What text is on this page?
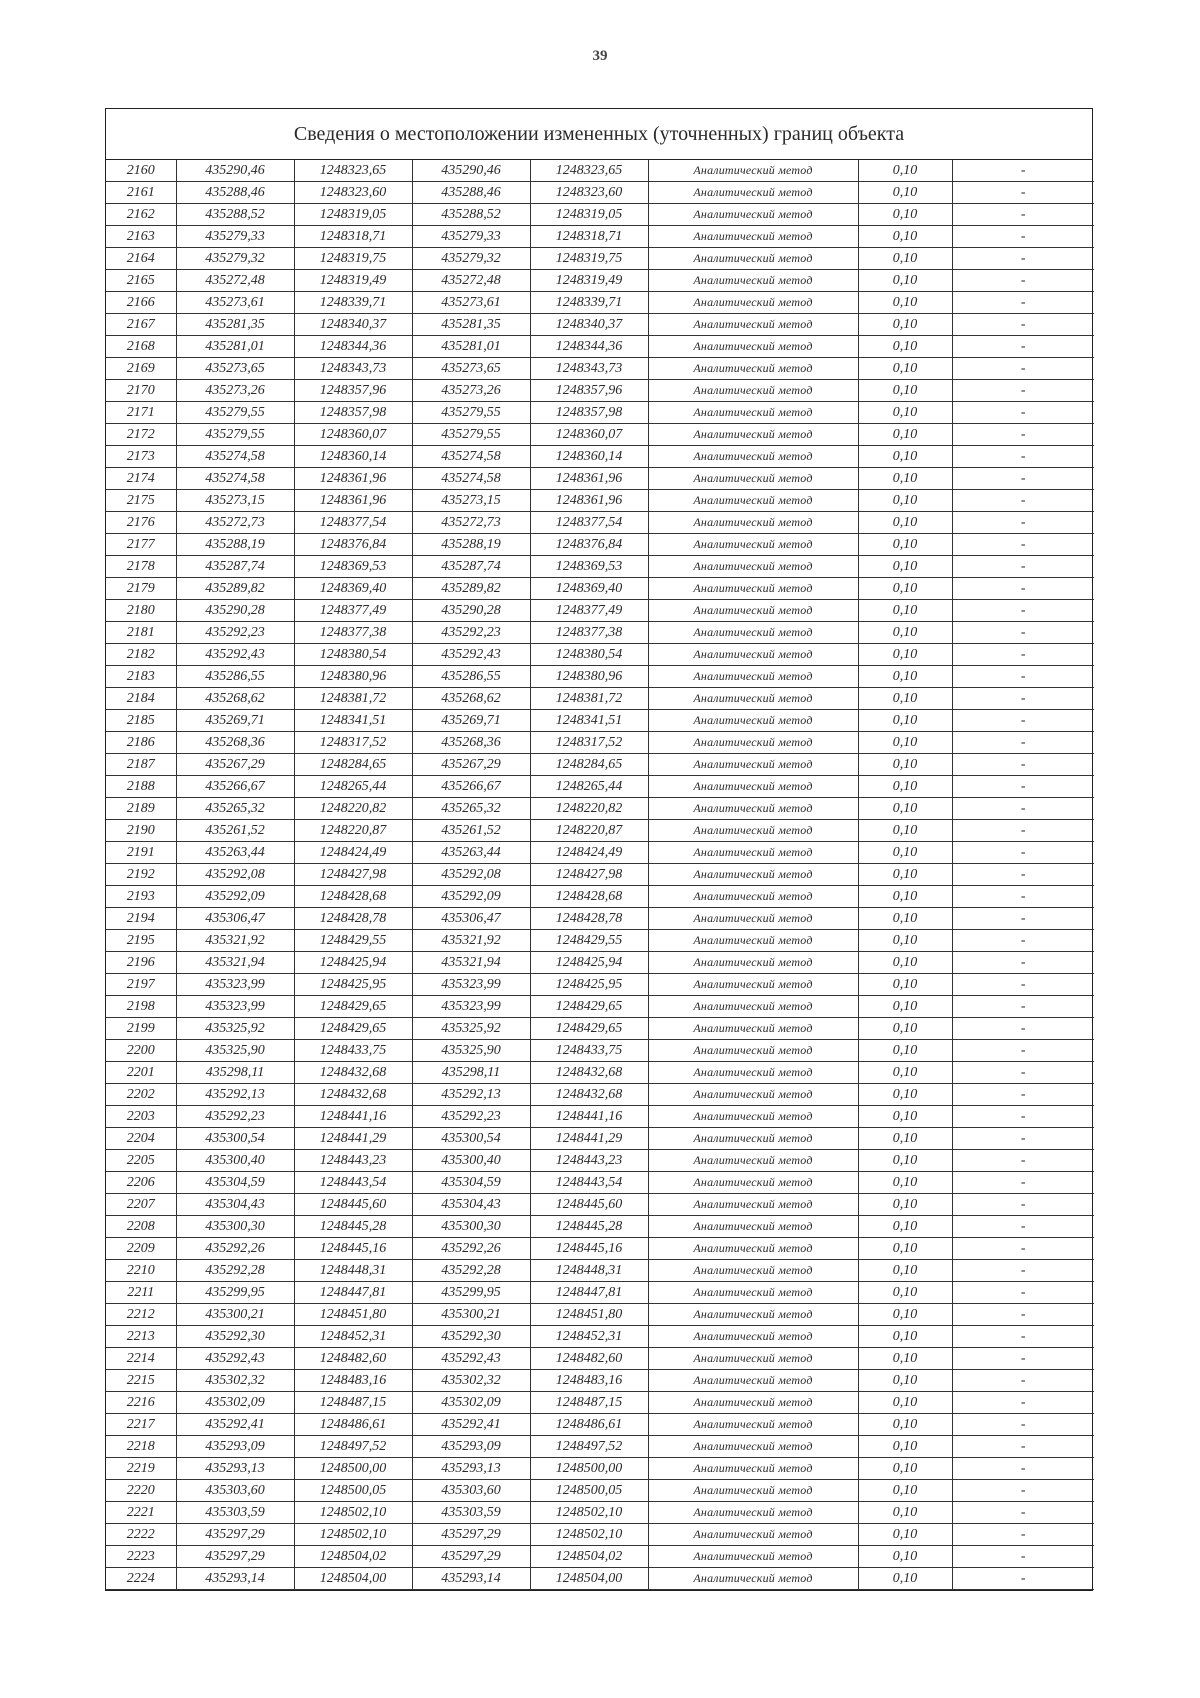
39
Сведения о местоположении измененных (уточненных) границ объекта
2160	435290,46	1248323,65	435290,46	1248323,65	Аналитический метод	0,10	-
2161	435288,46	1248323,60	435288,46	1248323,60	Аналитический метод	0,10	-
2162	435288,52	1248319,05	435288,52	1248319,05	Аналитический метод	0,10	-
2163	435279,33	1248318,71	435279,33	1248318,71	Аналитический метод	0,10	-
2164	435279,32	1248319,75	435279,32	1248319,75	Аналитический метод	0,10	-
2165	435272,48	1248319,49	435272,48	1248319,49	Аналитический метод	0,10	-
2166	435273,61	1248339,71	435273,61	1248339,71	Аналитический метод	0,10	-
2167	435281,35	1248340,37	435281,35	1248340,37	Аналитический метод	0,10	-
2168	435281,01	1248344,36	435281,01	1248344,36	Аналитический метод	0,10	-
2169	435273,65	1248343,73	435273,65	1248343,73	Аналитический метод	0,10	-
2170	435273,26	1248357,96	435273,26	1248357,96	Аналитический метод	0,10	-
2171	435279,55	1248357,98	435279,55	1248357,98	Аналитический метод	0,10	-
2172	435279,55	1248360,07	435279,55	1248360,07	Аналитический метод	0,10	-
2173	435274,58	1248360,14	435274,58	1248360,14	Аналитический метод	0,10	-
2174	435274,58	1248361,96	435274,58	1248361,96	Аналитический метод	0,10	-
2175	435273,15	1248361,96	435273,15	1248361,96	Аналитический метод	0,10	-
2176	435272,73	1248377,54	435272,73	1248377,54	Аналитический метод	0,10	-
2177	435288,19	1248376,84	435288,19	1248376,84	Аналитический метод	0,10	-
2178	435287,74	1248369,53	435287,74	1248369,53	Аналитический метод	0,10	-
2179	435289,82	1248369,40	435289,82	1248369,40	Аналитический метод	0,10	-
2180	435290,28	1248377,49	435290,28	1248377,49	Аналитический метод	0,10	-
2181	435292,23	1248377,38	435292,23	1248377,38	Аналитический метод	0,10	-
2182	435292,43	1248380,54	435292,43	1248380,54	Аналитический метод	0,10	-
2183	435286,55	1248380,96	435286,55	1248380,96	Аналитический метод	0,10	-
2184	435268,62	1248381,72	435268,62	1248381,72	Аналитический метод	0,10	-
2185	435269,71	1248341,51	435269,71	1248341,51	Аналитический метод	0,10	-
2186	435268,36	1248317,52	435268,36	1248317,52	Аналитический метод	0,10	-
2187	435267,29	1248284,65	435267,29	1248284,65	Аналитический метод	0,10	-
2188	435266,67	1248265,44	435266,67	1248265,44	Аналитический метод	0,10	-
2189	435265,32	1248220,82	435265,32	1248220,82	Аналитический метод	0,10	-
2190	435261,52	1248220,87	435261,52	1248220,87	Аналитический метод	0,10	-
2191	435263,44	1248424,49	435263,44	1248424,49	Аналитический метод	0,10	-
2192	435292,08	1248427,98	435292,08	1248427,98	Аналитический метод	0,10	-
2193	435292,09	1248428,68	435292,09	1248428,68	Аналитический метод	0,10	-
2194	435306,47	1248428,78	435306,47	1248428,78	Аналитический метод	0,10	-
2195	435321,92	1248429,55	435321,92	1248429,55	Аналитический метод	0,10	-
2196	435321,94	1248425,94	435321,94	1248425,94	Аналитический метод	0,10	-
2197	435323,99	1248425,95	435323,99	1248425,95	Аналитический метод	0,10	-
2198	435323,99	1248429,65	435323,99	1248429,65	Аналитический метод	0,10	-
2199	435325,92	1248429,65	435325,92	1248429,65	Аналитический метод	0,10	-
2200	435325,90	1248433,75	435325,90	1248433,75	Аналитический метод	0,10	-
2201	435298,11	1248432,68	435298,11	1248432,68	Аналитический метод	0,10	-
2202	435292,13	1248432,68	435292,13	1248432,68	Аналитический метод	0,10	-
2203	435292,23	1248441,16	435292,23	1248441,16	Аналитический метод	0,10	-
2204	435300,54	1248441,29	435300,54	1248441,29	Аналитический метод	0,10	-
2205	435300,40	1248443,23	435300,40	1248443,23	Аналитический метод	0,10	-
2206	435304,59	1248443,54	435304,59	1248443,54	Аналитический метод	0,10	-
2207	435304,43	1248445,60	435304,43	1248445,60	Аналитический метод	0,10	-
2208	435300,30	1248445,28	435300,30	1248445,28	Аналитический метод	0,10	-
2209	435292,26	1248445,16	435292,26	1248445,16	Аналитический метод	0,10	-
2210	435292,28	1248448,31	435292,28	1248448,31	Аналитический метод	0,10	-
2211	435299,95	1248447,81	435299,95	1248447,81	Аналитический метод	0,10	-
2212	435300,21	1248451,80	435300,21	1248451,80	Аналитический метод	0,10	-
2213	435292,30	1248452,31	435292,30	1248452,31	Аналитический метод	0,10	-
2214	435292,43	1248482,60	435292,43	1248482,60	Аналитический метод	0,10	-
2215	435302,32	1248483,16	435302,32	1248483,16	Аналитический метод	0,10	-
2216	435302,09	1248487,15	435302,09	1248487,15	Аналитический метод	0,10	-
2217	435292,41	1248486,61	435292,41	1248486,61	Аналитический метод	0,10	-
2218	435293,09	1248497,52	435293,09	1248497,52	Аналитический метод	0,10	-
2219	435293,13	1248500,00	435293,13	1248500,00	Аналитический метод	0,10	-
2220	435303,60	1248500,05	435303,60	1248500,05	Аналитический метод	0,10	-
2221	435303,59	1248502,10	435303,59	1248502,10	Аналитический метод	0,10	-
2222	435297,29	1248502,10	435297,29	1248502,10	Аналитический метод	0,10	-
2223	435297,29	1248504,02	435297,29	1248504,02	Аналитический метод	0,10	-
2224	435293,14	1248504,00	435293,14	1248504,00	Аналитический метод	0,10	-
